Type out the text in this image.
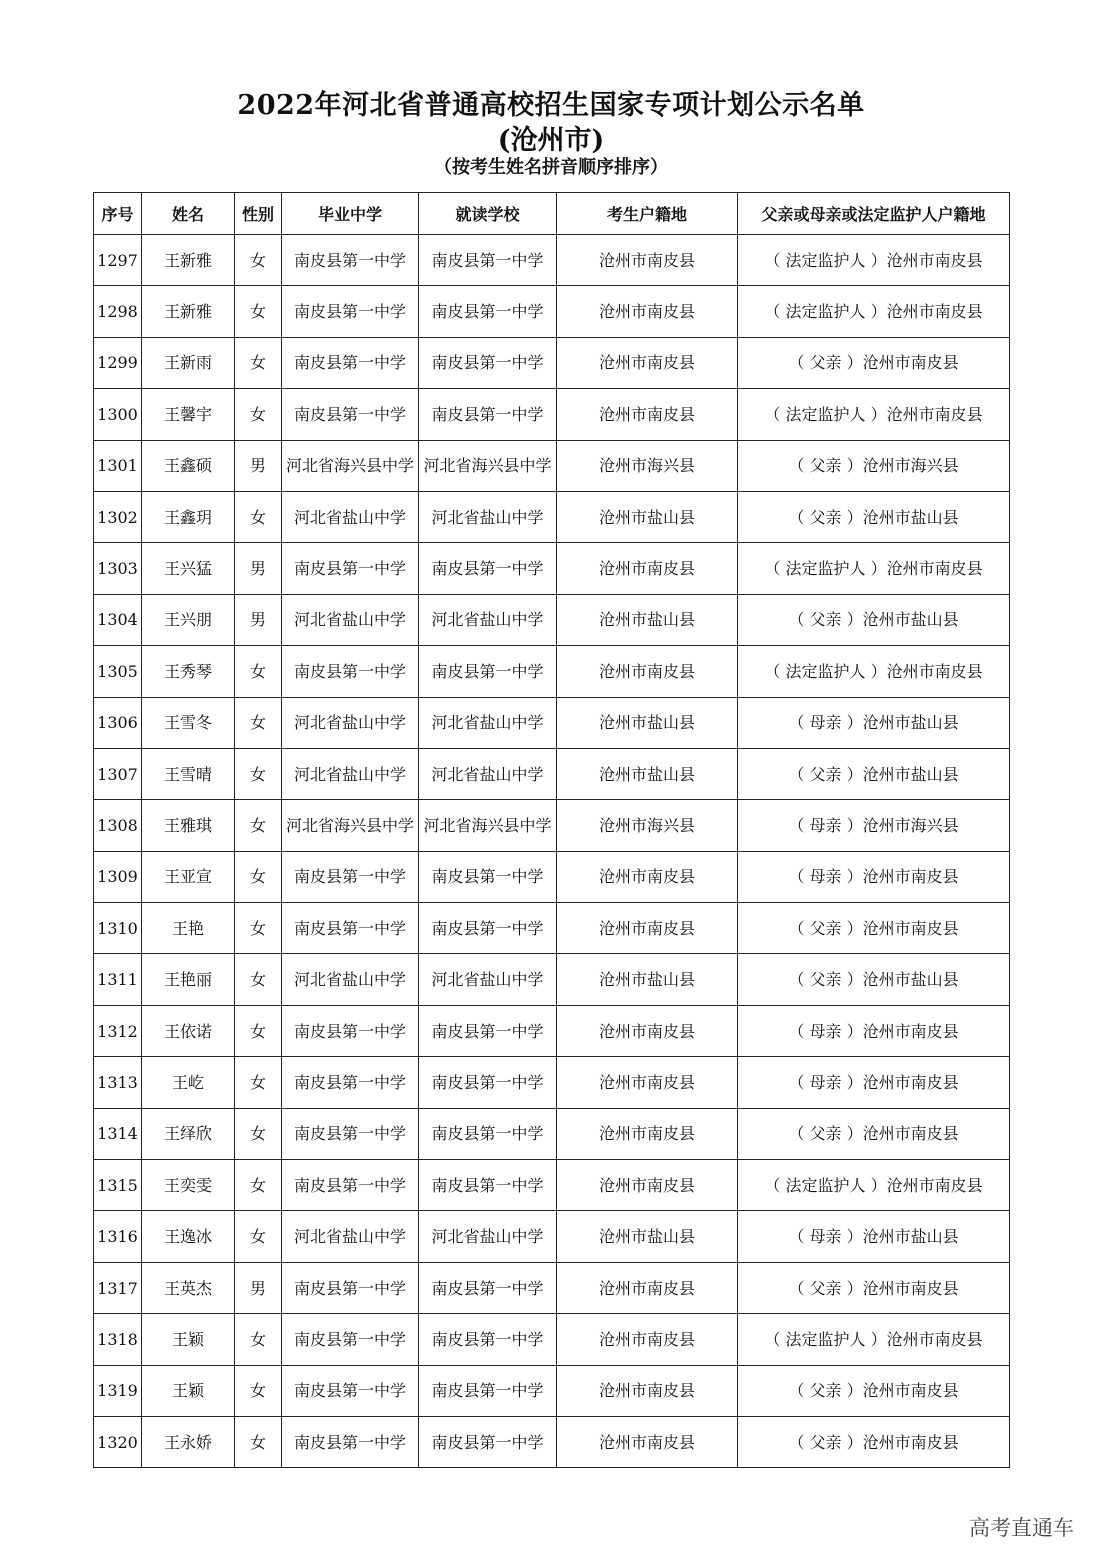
2022年河北省普通高校招生国家专项计划公示名单
(沧州市)
（按考生姓名拼音顺序排序）
序号	姓名	性别	毕业中学	就读学校	考生户籍地	父亲或母亲或法定监护人户籍地
1297	王新雅	女	南皮县第一中学	南皮县第一中学	沧州市南皮县	（ 法定监护人 ）沧州市南皮县
1298	王新雅	女	南皮县第一中学	南皮县第一中学	沧州市南皮县	（ 法定监护人 ）沧州市南皮县
1299	王新雨	女	南皮县第一中学	南皮县第一中学	沧州市南皮县	（ 父亲 ）沧州市南皮县
1300	王馨宇	女	南皮县第一中学	南皮县第一中学	沧州市南皮县	（ 法定监护人 ）沧州市南皮县
1301	王鑫硕	男	河北省海兴县中学	河北省海兴县中学	沧州市海兴县	（ 父亲 ）沧州市海兴县
1302	王鑫玥	女	河北省盐山中学	河北省盐山中学	沧州市盐山县	（ 父亲 ）沧州市盐山县
1303	王兴猛	男	南皮县第一中学	南皮县第一中学	沧州市南皮县	（ 法定监护人 ）沧州市南皮县
1304	王兴朋	男	河北省盐山中学	河北省盐山中学	沧州市盐山县	（ 父亲 ）沧州市盐山县
1305	王秀琴	女	南皮县第一中学	南皮县第一中学	沧州市南皮县	（ 法定监护人 ）沧州市南皮县
1306	王雪冬	女	河北省盐山中学	河北省盐山中学	沧州市盐山县	（ 母亲 ）沧州市盐山县
1307	王雪晴	女	河北省盐山中学	河北省盐山中学	沧州市盐山县	（ 父亲 ）沧州市盐山县
1308	王雅琪	女	河北省海兴县中学	河北省海兴县中学	沧州市海兴县	（ 母亲 ）沧州市海兴县
1309	王亚宣	女	南皮县第一中学	南皮县第一中学	沧州市南皮县	（ 母亲 ）沧州市南皮县
1310	王艳	女	南皮县第一中学	南皮县第一中学	沧州市南皮县	（ 父亲 ）沧州市南皮县
1311	王艳丽	女	河北省盐山中学	河北省盐山中学	沧州市盐山县	（ 父亲 ）沧州市盐山县
1312	王依诺	女	南皮县第一中学	南皮县第一中学	沧州市南皮县	（ 母亲 ）沧州市南皮县
1313	王屹	女	南皮县第一中学	南皮县第一中学	沧州市南皮县	（ 母亲 ）沧州市南皮县
1314	王绎欣	女	南皮县第一中学	南皮县第一中学	沧州市南皮县	（ 父亲 ）沧州市南皮县
1315	王奕雯	女	南皮县第一中学	南皮县第一中学	沧州市南皮县	（ 法定监护人 ）沧州市南皮县
1316	王逸冰	女	河北省盐山中学	河北省盐山中学	沧州市盐山县	（ 母亲 ）沧州市盐山县
1317	王英杰	男	南皮县第一中学	南皮县第一中学	沧州市南皮县	（ 父亲 ）沧州市南皮县
1318	王颖	女	南皮县第一中学	南皮县第一中学	沧州市南皮县	（ 法定监护人 ）沧州市南皮县
1319	王颖	女	南皮县第一中学	南皮县第一中学	沧州市南皮县	（ 父亲 ）沧州市南皮县
1320	王永娇	女	南皮县第一中学	南皮县第一中学	沧州市南皮县	（ 父亲 ）沧州市南皮县
高考直通车
